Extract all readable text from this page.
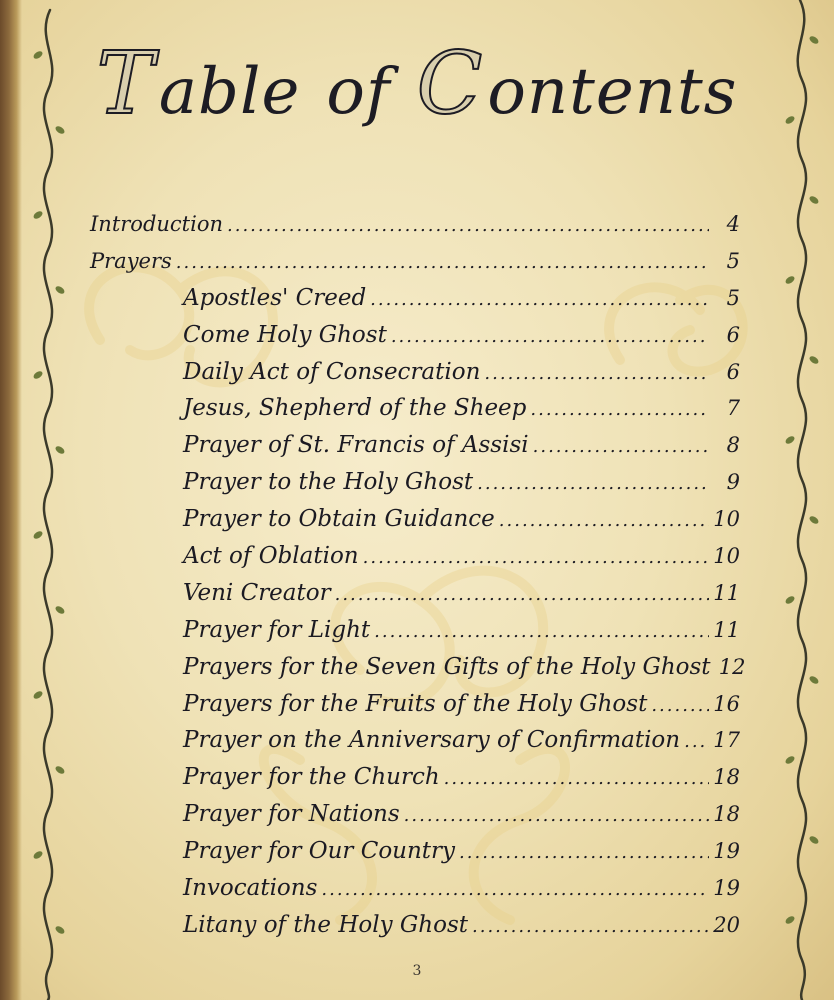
Table of Contents
Introduction .....	4
Prayers .....	5
Apostles' Creed .....	5
Come Holy Ghost .....	6
Daily Act of Consecration .....	6
Jesus, Shepherd of the Sheep .....	7
Prayer of St. Francis of Assisi .....	8
Prayer to the Holy Ghost .....	9
Prayer to Obtain Guidance .....	10
Act of Oblation .....	10
Veni Creator .....	11
Prayer for Light .....	11
Prayers for the Seven Gifts of the Holy Ghost 12
Prayers for the Fruits of the Holy Ghost .....	16
Prayer on the Anniversary of Confirmation ..... 17
Prayer for the Church .....	18
Prayer for Nations .....	18
Prayer for Our Country .....	19
Invocations .....	19
Litany of the Holy Ghost .....	20
3
